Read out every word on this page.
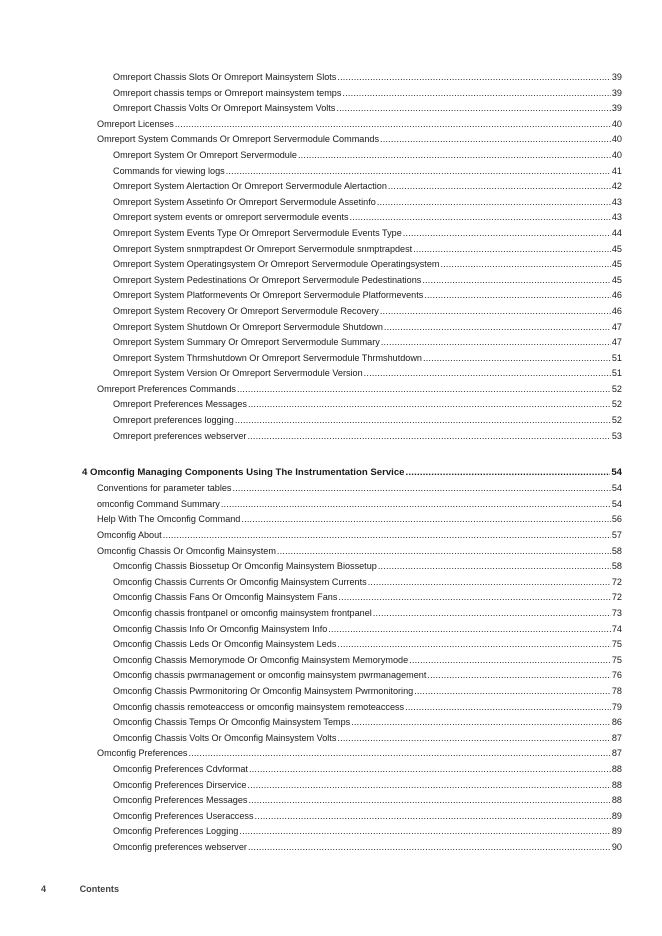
Omreport Chassis Slots Or Omreport Mainsystem Slots .....	39
Omreport chassis temps or Omreport mainsystem temps .....	39
Omreport Chassis Volts Or Omreport Mainsystem Volts .....	39
Omreport Licenses .....	40
Omreport System Commands Or Omreport Servermodule Commands .....	40
Omreport System Or Omreport Servermodule .....	40
Commands for viewing logs .....	41
Omreport System Alertaction Or Omreport Servermodule Alertaction .....	42
Omreport System Assetinfo Or Omreport Servermodule Assetinfo .....	43
Omreport system events or omreport servermodule events .....	43
Omreport System Events Type Or Omreport Servermodule Events Type .....	44
Omreport System snmptrapdest Or Omreport Servermodule snmptrapdest .....	45
Omreport System Operatingsystem Or Omreport Servermodule Operatingsystem .....	45
Omreport System Pedestinations Or Omreport Servermodule Pedestinations .....	45
Omreport System Platformevents Or Omreport Servermodule Platformevents .....	46
Omreport System Recovery Or Omreport Servermodule Recovery .....	46
Omreport System Shutdown Or Omreport Servermodule Shutdown .....	47
Omreport System Summary Or Omreport Servermodule Summary .....	47
Omreport System Thrmshutdown Or Omreport Servermodule Thrmshutdown .....	51
Omreport System Version Or Omreport Servermodule Version .....	51
Omreport Preferences Commands .....	52
Omreport Preferences Messages .....	52
Omreport preferences logging .....	52
Omreport preferences webserver .....	53
4 Omconfig Managing Components Using The Instrumentation Service .....	54
Conventions for parameter tables .....	54
omconfig Command Summary .....	54
Help With The Omconfig Command .....	56
Omconfig About .....	57
Omconfig Chassis Or Omconfig Mainsystem .....	58
Omconfig Chassis Biossetup Or Omconfig Mainsystem Biossetup .....	58
Omconfig Chassis Currents Or Omconfig Mainsystem Currents .....	72
Omconfig Chassis Fans Or Omconfig Mainsystem Fans .....	72
Omconfig chassis frontpanel or omconfig mainsystem frontpanel .....	73
Omconfig Chassis Info Or Omconfig Mainsystem Info .....	74
Omconfig Chassis Leds Or Omconfig Mainsystem Leds .....	75
Omconfig Chassis Memorymode Or Omconfig Mainsystem Memorymode .....	75
Omconfig chassis pwrmanagement or omconfig mainsystem pwrmanagement .....	76
Omconfig Chassis Pwrmonitoring Or Omconfig Mainsystem Pwrmonitoring .....	78
Omconfig chassis remoteaccess or omconfig mainsystem remoteaccess .....	79
Omconfig Chassis Temps Or Omconfig Mainsystem Temps .....	86
Omconfig Chassis Volts Or Omconfig Mainsystem Volts .....	87
Omconfig Preferences .....	87
Omconfig Preferences Cdvformat .....	88
Omconfig Preferences Dirservice .....	88
Omconfig Preferences Messages .....	88
Omconfig Preferences Useraccess .....	89
Omconfig Preferences Logging .....	89
Omconfig preferences webserver .....	90
4	Contents
